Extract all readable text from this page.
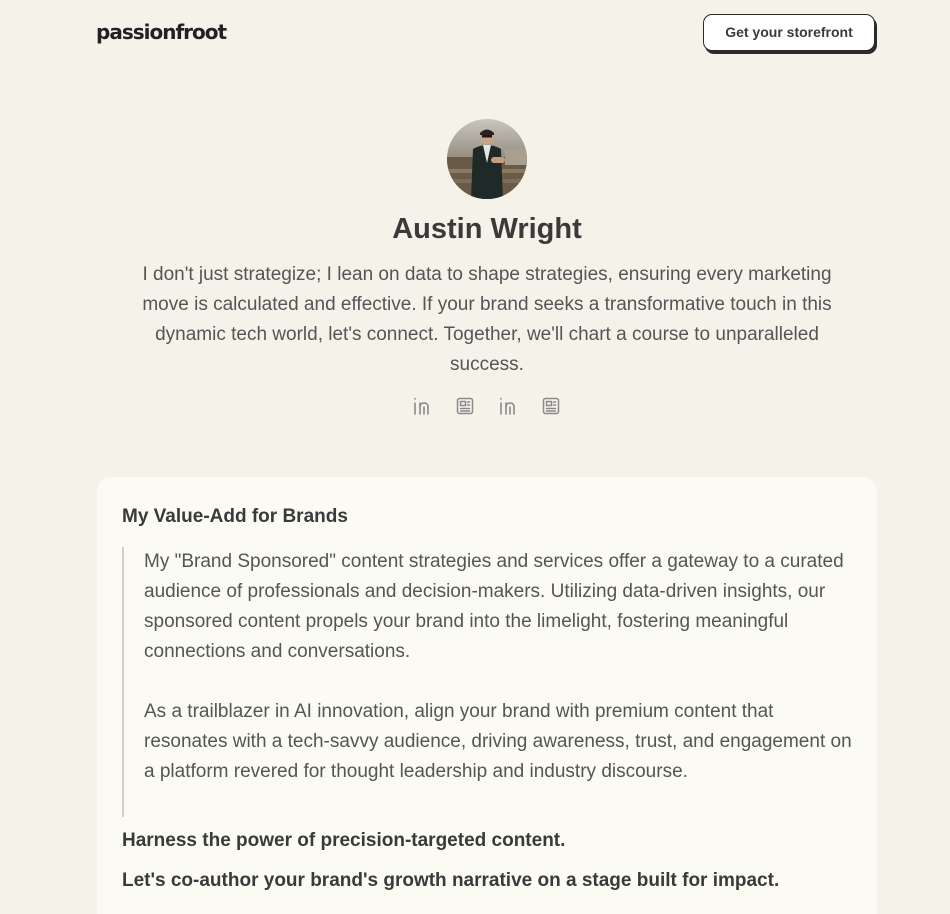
passionfroot	Get your storefront
Austin Wright
I don't just strategize; I lean on data to shape strategies, ensuring every marketing move is calculated and effective. If your brand seeks a transformative touch in this dynamic tech world, let's connect. Together, we'll chart a course to unparalleled success.
My Value-Add for Brands

My "Brand Sponsored" content strategies and services offer a gateway to a curated audience of professionals and decision-makers. Utilizing data-driven insights, our sponsored content propels your brand into the limelight, fostering meaningful connections and conversations.

As a trailblazer in AI innovation, align your brand with premium content that resonates with a tech-savvy audience, driving awareness, trust, and engagement on a platform revered for thought leadership and industry discourse.

Harness the power of precision-targeted content.
Let's co-author your brand's growth narrative on a stage built for impact.
